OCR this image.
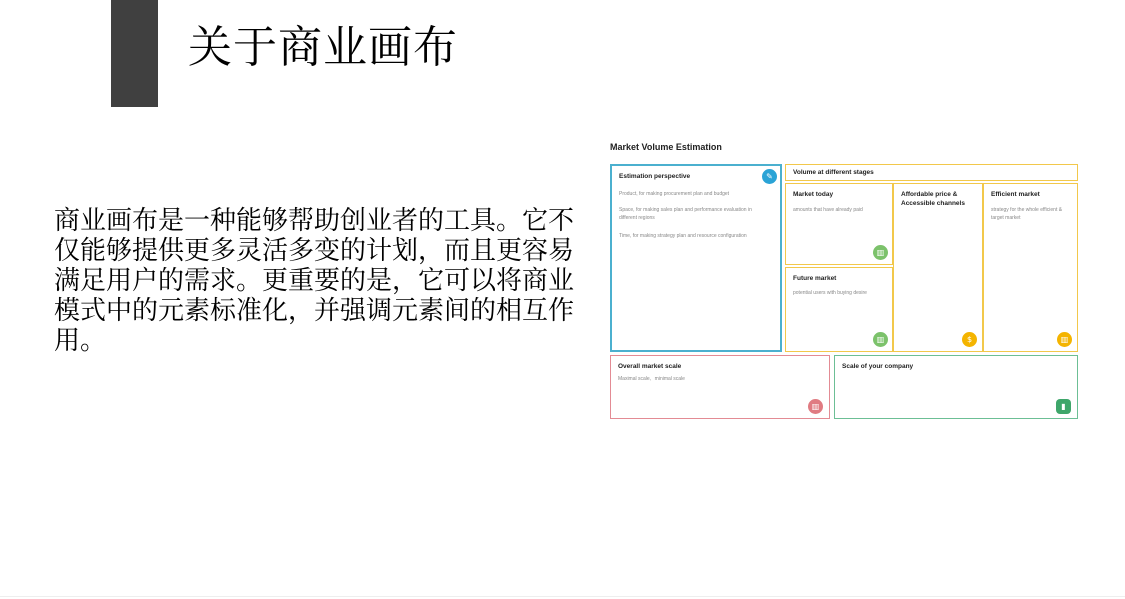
关于商业画布
商业画布是一种能够帮助创业者的工具。它不仅能够提供更多灵活多变的计划，而且更容易满足用户的需求。更重要的是，它可以将商业模式中的元素标准化，并强调元素间的相互作用。
Market Volume Estimation
Estimation perspective
Product, for making procurement plan and budget
Space, for making sales plan and performance evaluation in different regions
Time, for making strategy plan and resource configuration
✎	Volume at different stages
Market today
amounts that have already paid
▥
Future market
potential users with buying desire
▥
Affordable price & Accessible channels
$
Efficient market
strategy for the whole efficient & target market
▥
Overall market scale
Maximal scale、minimal scale
▥
Scale of your company
▮
